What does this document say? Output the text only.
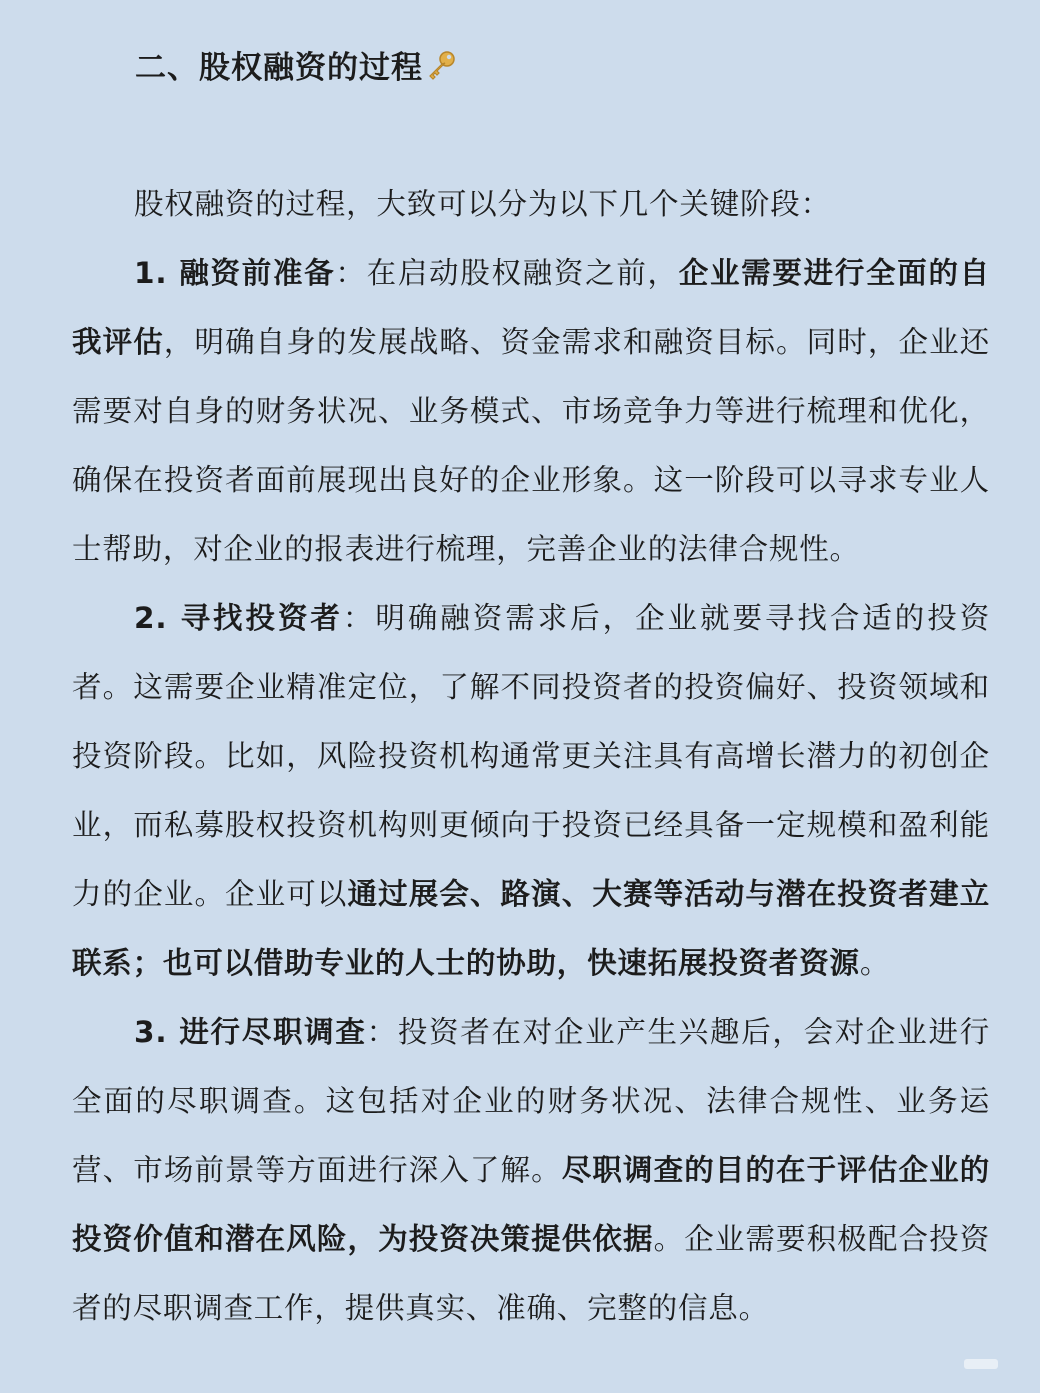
二、股权融资的过程

股权融资的过程，大致可以分为以下几个关键阶段：

1. 融资前准备：在启动股权融资之前，企业需要进行全面的自我评估，明确自身的发展战略、资金需求和融资目标。同时，企业还需要对自身的财务状况、业务模式、市场竞争力等进行梳理和优化，确保在投资者面前展现出良好的企业形象。这一阶段可以寻求专业人士帮助，对企业的报表进行梳理，完善企业的法律合规性。

2. 寻找投资者：明确融资需求后，企业就要寻找合适的投资者。这需要企业精准定位，了解不同投资者的投资偏好、投资领域和投资阶段。比如，风险投资机构通常更关注具有高增长潜力的初创企业，而私募股权投资机构则更倾向于投资已经具备一定规模和盈利能力的企业。企业可以通过展会、路演、大赛等活动与潜在投资者建立联系；也可以借助专业的人士的协助，快速拓展投资者资源。

3. 进行尽职调查：投资者在对企业产生兴趣后，会对企业进行全面的尽职调查。这包括对企业的财务状况、法律合规性、业务运营、市场前景等方面进行深入了解。尽职调查的目的在于评估企业的投资价值和潜在风险，为投资决策提供依据。企业需要积极配合投资者的尽职调查工作，提供真实、准确、完整的信息。
